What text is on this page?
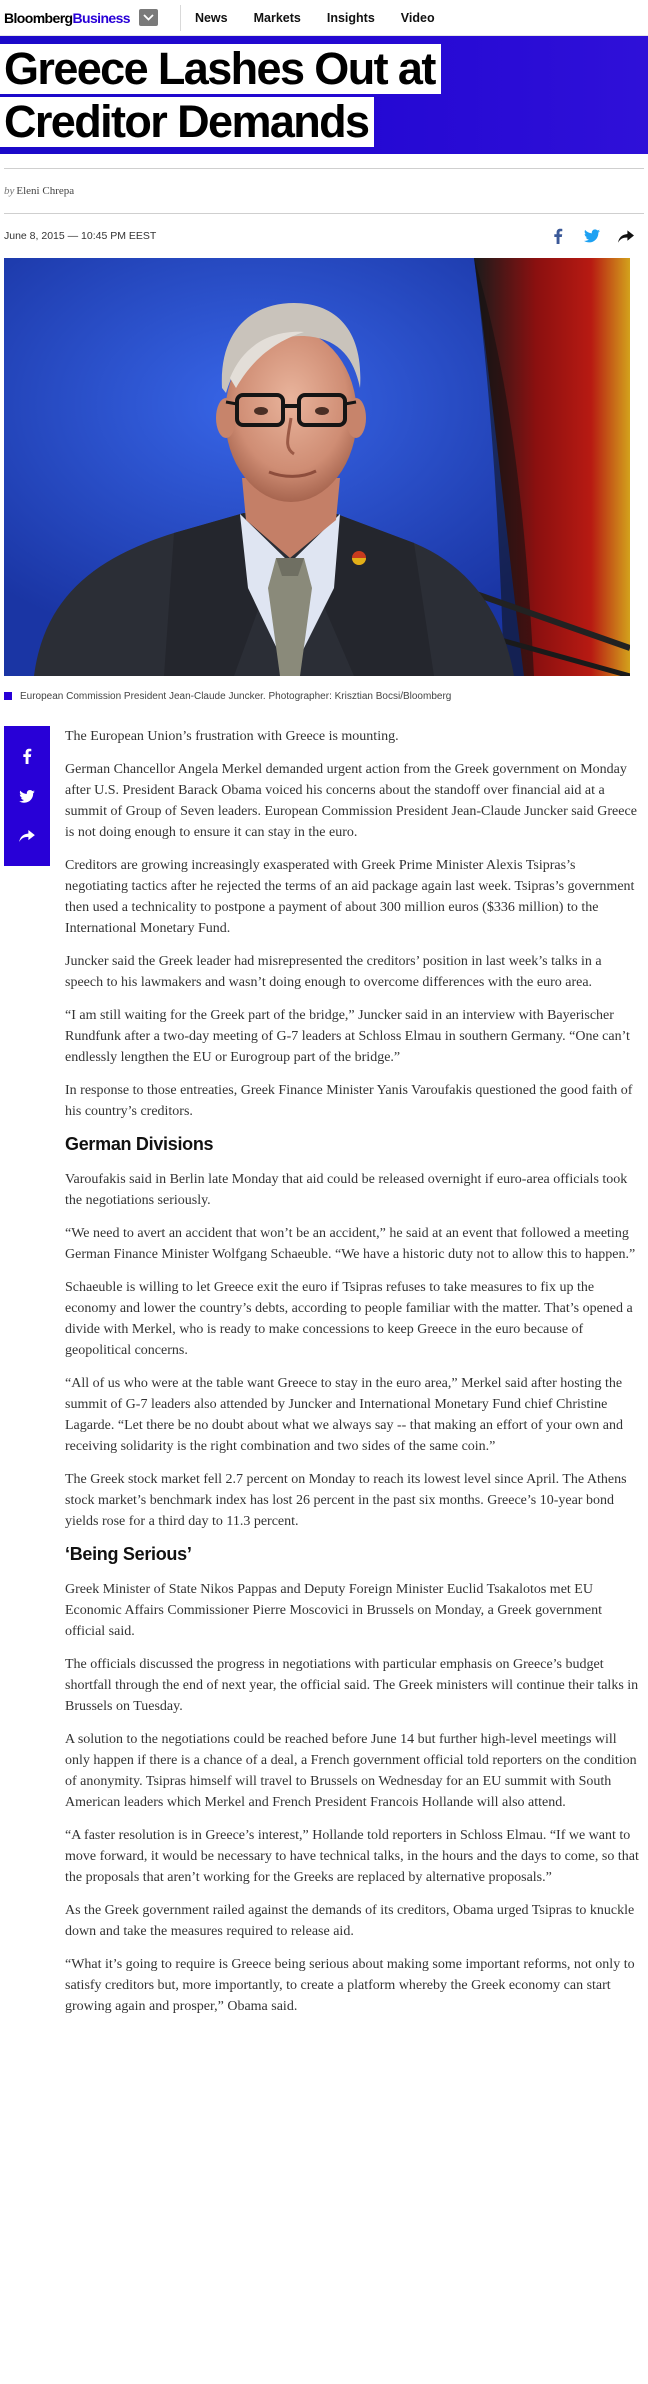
Bloomberg Business	News Markets Insights Video
Greece Lashes Out at
Creditor Demands
by Eleni Chrepa
June 8, 2015 — 10:45 PM EEST
European Commission President Jean-Claude Juncker. Photographer: Krisztian Bocsi/Bloomberg

The European Union’s frustration with Greece is mounting.

German Chancellor Angela Merkel demanded urgent action from the Greek government on Monday after U.S. President Barack Obama voiced his concerns about the standoff over financial aid at a summit of Group of Seven leaders. European Commission President Jean-Claude Juncker said Greece is not doing enough to ensure it can stay in the euro.

Creditors are growing increasingly exasperated with Greek Prime Minister Alexis Tsipras’s negotiating tactics after he rejected the terms of an aid package again last week. Tsipras’s government then used a technicality to postpone a payment of about 300 million euros ($336 million) to the International Monetary Fund.

Juncker said the Greek leader had misrepresented the creditors’ position in last week’s talks in a speech to his lawmakers and wasn’t doing enough to overcome differences with the euro area.

“I am still waiting for the Greek part of the bridge,” Juncker said in an interview with Bayerischer Rundfunk after a two-day meeting of G-7 leaders at Schloss Elmau in southern Germany. “One can’t endlessly lengthen the EU or Eurogroup part of the bridge.”

In response to those entreaties, Greek Finance Minister Yanis Varoufakis questioned the good faith of his country’s creditors.

German Divisions

Varoufakis said in Berlin late Monday that aid could be released overnight if euro-area officials took the negotiations seriously.

“We need to avert an accident that won’t be an accident,” he said at an event that followed a meeting German Finance Minister Wolfgang Schaeuble. “We have a historic duty not to allow this to happen.”

Schaeuble is willing to let Greece exit the euro if Tsipras refuses to take measures to fix up the economy and lower the country’s debts, according to people familiar with the matter. That’s opened a divide with Merkel, who is ready to make concessions to keep Greece in the euro because of geopolitical concerns.

“All of us who were at the table want Greece to stay in the euro area,” Merkel said after hosting the summit of G-7 leaders also attended by Juncker and International Monetary Fund chief Christine Lagarde. “Let there be no doubt about what we always say -- that making an effort of your own and receiving solidarity is the right combination and two sides of the same coin.”

The Greek stock market fell 2.7 percent on Monday to reach its lowest level since April. The Athens stock market’s benchmark index has lost 26 percent in the past six months. Greece’s 10-year bond yields rose for a third day to 11.3 percent.

‘Being Serious’

Greek Minister of State Nikos Pappas and Deputy Foreign Minister Euclid Tsakalotos met EU Economic Affairs Commissioner Pierre Moscovici in Brussels on Monday, a Greek government official said.

The officials discussed the progress in negotiations with particular emphasis on Greece’s budget shortfall through the end of next year, the official said. The Greek ministers will continue their talks in Brussels on Tuesday.

A solution to the negotiations could be reached before June 14 but further high-level meetings will only happen if there is a chance of a deal, a French government official told reporters on the condition of anonymity. Tsipras himself will travel to Brussels on Wednesday for an EU summit with South American leaders which Merkel and French President Francois Hollande will also attend.

“A faster resolution is in Greece’s interest,” Hollande told reporters in Schloss Elmau. “If we want to move forward, it would be necessary to have technical talks, in the hours and the days to come, so that the proposals that aren’t working for the Greeks are replaced by alternative proposals.”

As the Greek government railed against the demands of its creditors, Obama urged Tsipras to knuckle down and take the measures required to release aid.

“What it’s going to require is Greece being serious about making some important reforms, not only to satisfy creditors but, more importantly, to create a platform whereby the Greek economy can start growing again and prosper,” Obama said.
